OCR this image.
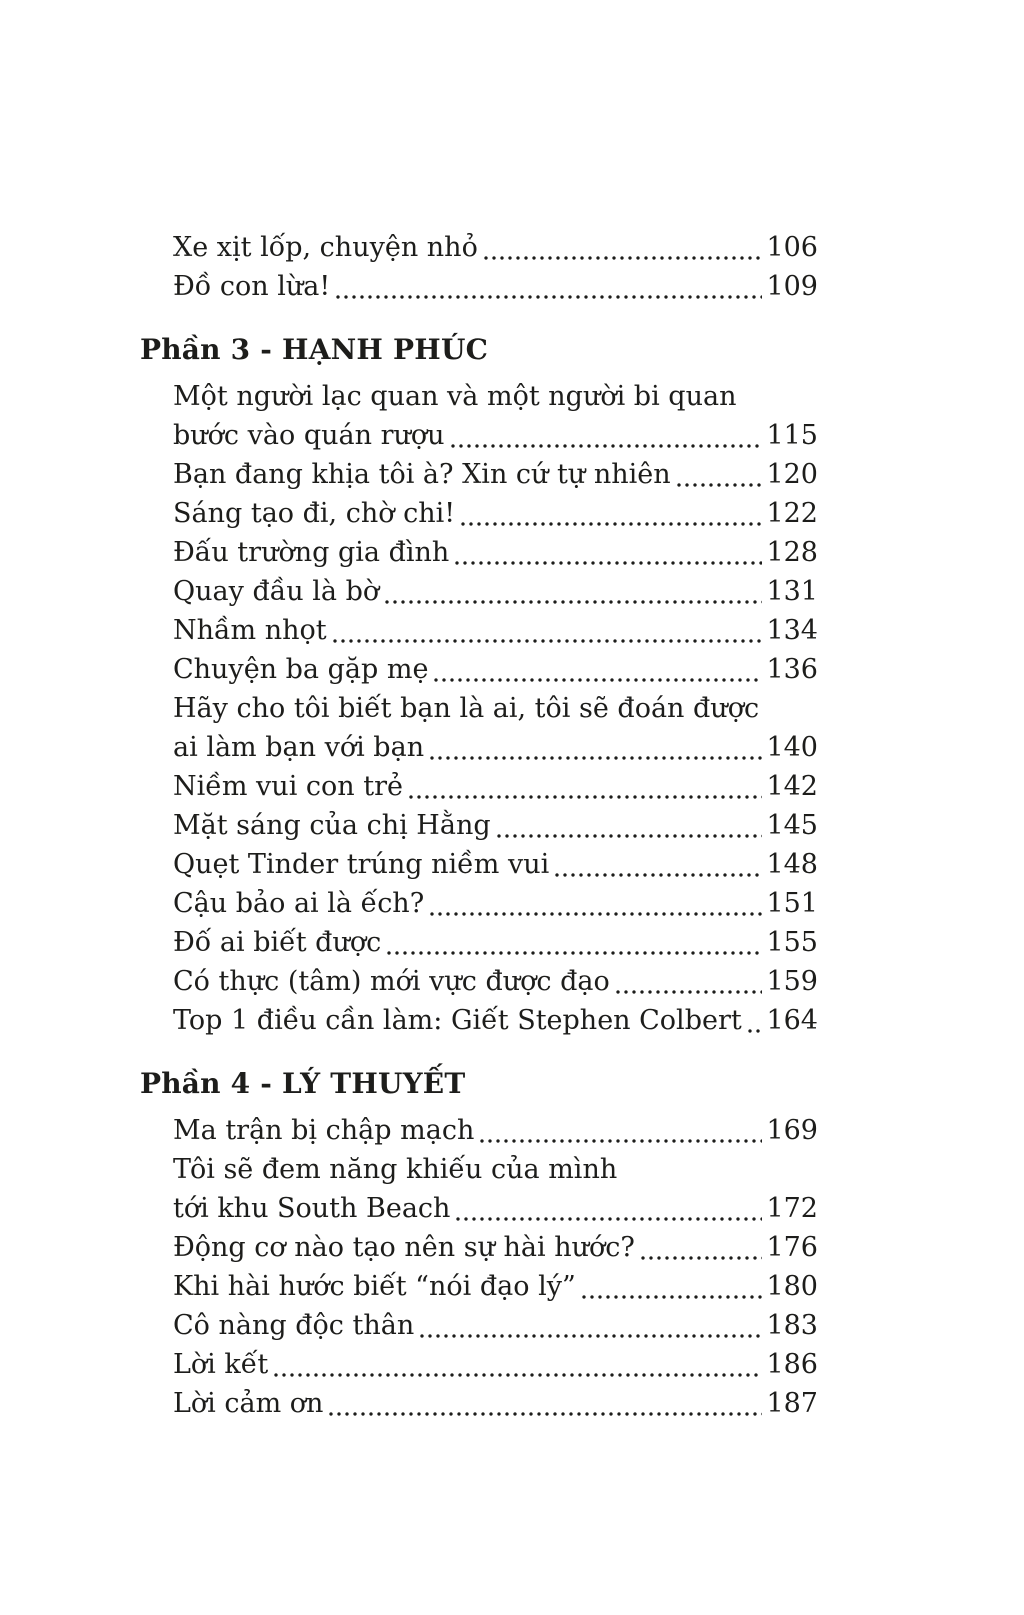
Xe xịt lốp, chuyện nhỏ	106
Đồ con lừa!	109
Phần 3 - HẠNH PHÚC
Một người lạc quan và một người bi quan
bước vào quán rượu	115
Bạn đang khịa tôi à? Xin cứ tự nhiên	120
Sáng tạo đi, chờ chi!	122
Đấu trường gia đình	128
Quay đầu là bờ	131
Nhầm nhọt	134
Chuyện ba gặp mẹ	136
Hãy cho tôi biết bạn là ai, tôi sẽ đoán được
ai làm bạn với bạn	140
Niềm vui con trẻ	142
Mặt sáng của chị Hằng	145
Quẹt Tinder trúng niềm vui	148
Cậu bảo ai là ếch?	151
Đố ai biết được	155
Có thực (tâm) mới vực được đạo	159
Top 1 điều cần làm: Giết Stephen Colbert 164
Phần 4 - LÝ THUYẾT
Ma trận bị chập mạch	169
Tôi sẽ đem năng khiếu của mình
tới khu South Beach	172
Động cơ nào tạo nên sự hài hước?	176
Khi hài hước biết “nói đạo lý”	180
Cô nàng độc thân	183
Lời kết	186
Lời cảm ơn	187
